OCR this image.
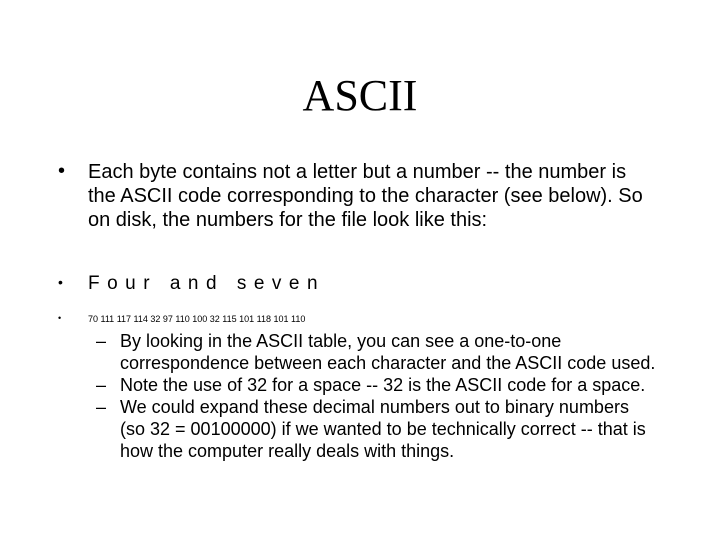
ASCII
• Each byte contains not a letter but a number -- the number is the ASCII code corresponding to the character (see below). So on disk, the numbers for the file look like this:
• Four and seven
•	70 111 117 114 32 97 110 100 32 115 101 118 101 110
– By looking in the ASCII table, you can see a one-to-one correspondence between each character and the ASCII code used.
– Note the use of 32 for a space -- 32 is the ASCII code for a space.
– We could expand these decimal numbers out to binary numbers (so 32 = 00100000) if we wanted to be technically correct -- that is how the computer really deals with things.
